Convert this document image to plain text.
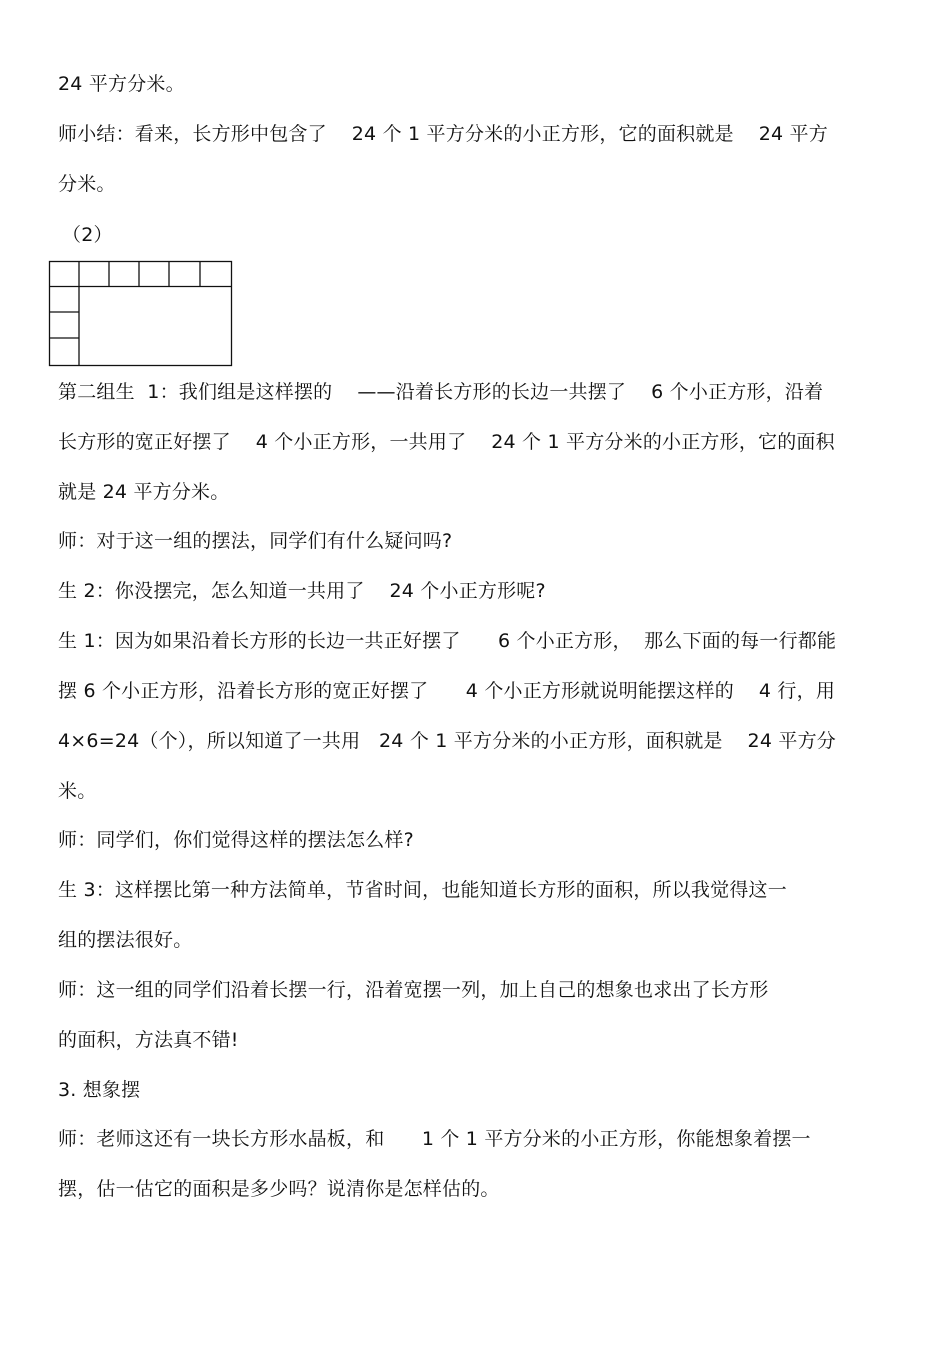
24 平方分米。
师小结：看来，长方形中包含了    24 个 1 平方分米的小正方形，它的面积就是    24 平方
分米。
（2）
第二组生  1：我们组是这样摆的    ——沿着长方形的长边一共摆了    6 个小正方形，沿着
长方形的宽正好摆了    4 个小正方形，一共用了    24 个 1 平方分米的小正方形，它的面积
就是 24 平方分米。
师：对于这一组的摆法，同学们有什么疑问吗?
生 2：你没摆完，怎么知道一共用了    24 个小正方形呢?
生 1：因为如果沿着长方形的长边一共正好摆了      6 个小正方形，  那么下面的每一行都能
摆 6 个小正方形，沿着长方形的宽正好摆了      4 个小正方形就说明能摆这样的    4 行，用
4×6=24（个），所以知道了一共用   24 个 1 平方分米的小正方形，面积就是    24 平方分
米。
师：同学们，你们觉得这样的摆法怎么样?
生 3：这样摆比第一种方法简单，节省时间，也能知道长方形的面积，所以我觉得这一
组的摆法很好。
师：这一组的同学们沿着长摆一行，沿着宽摆一列，加上自己的想象也求出了长方形
的面积，方法真不错!
3. 想象摆
师：老师这还有一块长方形水晶板，和      1 个 1 平方分米的小正方形，你能想象着摆一
摆，估一估它的面积是多少吗？说清你是怎样估的。
